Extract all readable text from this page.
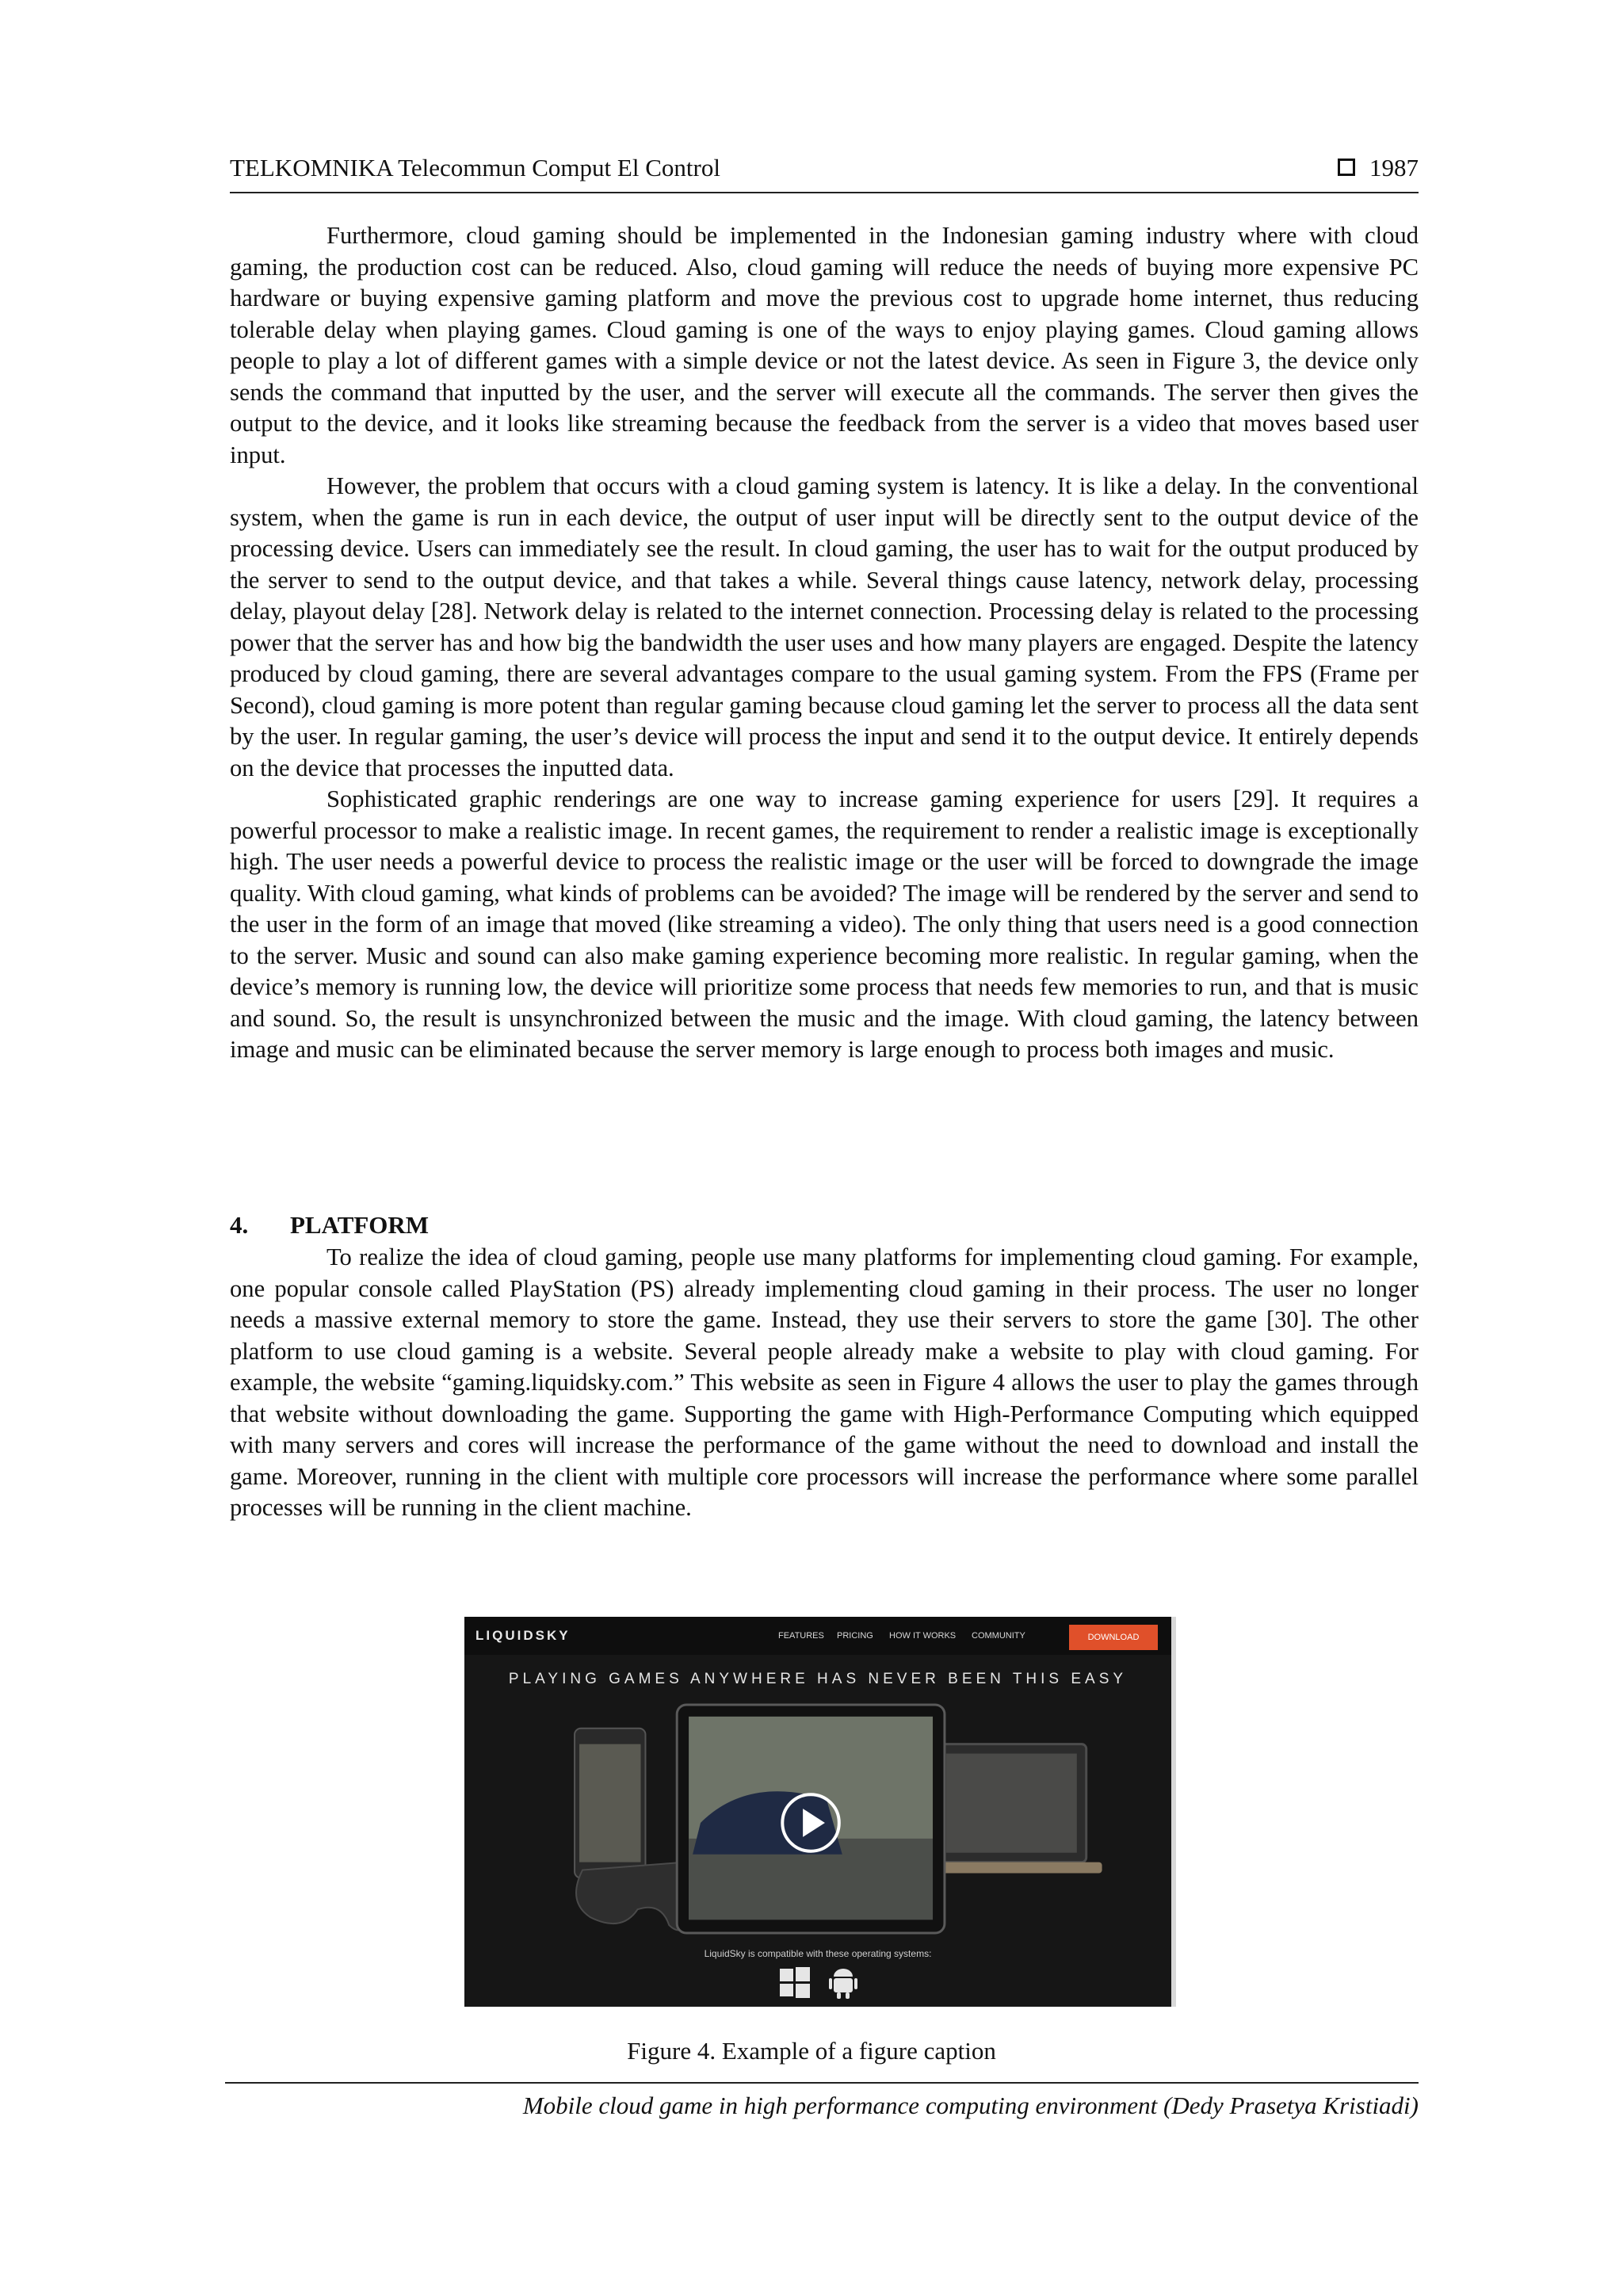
TELKOMNIKA Telecommun Comput El Control	1987

Furthermore, cloud gaming should be implemented in the Indonesian gaming industry where with cloud gaming, the production cost can be reduced. Also, cloud gaming will reduce the needs of buying more expensive PC hardware or buying expensive gaming platform and move the previous cost to upgrade home internet, thus reducing tolerable delay when playing games. Cloud gaming is one of the ways to enjoy playing games. Cloud gaming allows people to play a lot of different games with a simple device or not the latest device. As seen in Figure 3, the device only sends the command that inputted by the user, and the server will execute all the commands. The server then gives the output to the device, and it looks like streaming because the feedback from the server is a video that moves based user input.

However, the problem that occurs with a cloud gaming system is latency. It is like a delay. In the conventional system, when the game is run in each device, the output of user input will be directly sent to the output device of the processing device. Users can immediately see the result. In cloud gaming, the user has to wait for the output produced by the server to send to the output device, and that takes a while. Several things cause latency, network delay, processing delay, playout delay [28]. Network delay is related to the internet connection. Processing delay is related to the processing power that the server has and how big the bandwidth the user uses and how many players are engaged. Despite the latency produced by cloud gaming, there are several advantages compare to the usual gaming system. From the FPS (Frame per Second), cloud gaming is more potent than regular gaming because cloud gaming let the server to process all the data sent by the user. In regular gaming, the user’s device will process the input and send it to the output device. It entirely depends on the device that processes the inputted data.

Sophisticated graphic renderings are one way to increase gaming experience for users [29]. It requires a powerful processor to make a realistic image. In recent games, the requirement to render a realistic image is exceptionally high. The user needs a powerful device to process the realistic image or the user will be forced to downgrade the image quality. With cloud gaming, what kinds of problems can be avoided? The image will be rendered by the server and send to the user in the form of an image that moved (like streaming a video). The only thing that users need is a good connection to the server. Music and sound can also make gaming experience becoming more realistic. In regular gaming, when the device’s memory is running low, the device will prioritize some process that needs few memories to run, and that is music and sound. So, the result is unsynchronized between the music and the image. With cloud gaming, the latency between image and music can be eliminated because the server memory is large enough to process both images and music.

4. PLATFORM

To realize the idea of cloud gaming, people use many platforms for implementing cloud gaming. For example, one popular console called PlayStation (PS) already implementing cloud gaming in their process. The user no longer needs a massive external memory to store the game. Instead, they use their servers to store the game [30]. The other platform to use cloud gaming is a website. Several people already make a website to play with cloud gaming. For example, the website “gaming.liquidsky.com.” This website as seen in Figure 4 allows the user to play the games through that website without downloading the game. Supporting the game with High-Performance Computing which equipped with many servers and cores will increase the performance of the game without the need to download and install the game. Moreover, running in the client with multiple core processors will increase the performance where some parallel processes will be running in the client machine.

LIQUIDSKY	FEATURES PRICING HOW IT WORKS COMMUNITY	DOWNLOAD
PLAYING GAMES ANYWHERE HAS NEVER BEEN THIS EASY
LiquidSky is compatible with these operating systems:
Figure 4. Example of a figure caption
Mobile cloud game in high performance computing environment (Dedy Prasetya Kristiadi)
